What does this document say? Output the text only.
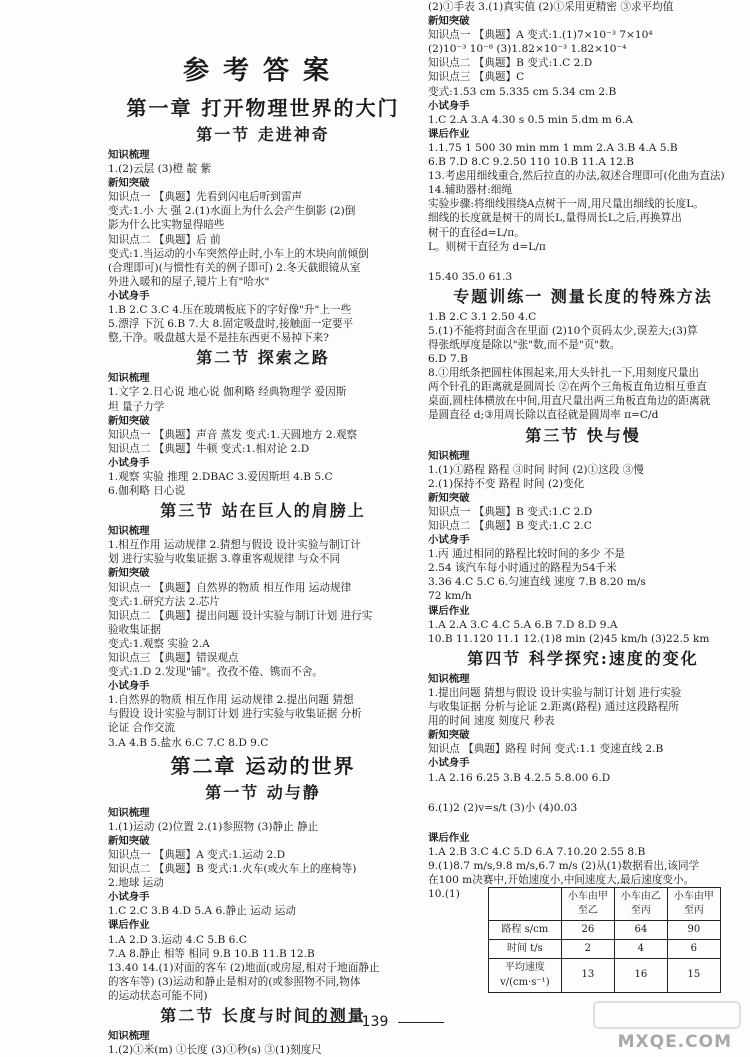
参考答案
第一章 打开物理世界的大门
第一节 走进神奇
知识梳理
1.(2)云层 (3)橙 靛 紫
新知突破
知识点一 【典题】先看到闪电后听到雷声
变式:1.小 大 强 2.(1)水面上为什么会产生倒影 (2)倒
影为什么比实物显得暗些
知识点二 【典题】后 前
变式:1.当运动的小车突然停止时,小车上的木块向前倾倒
(合理即可)(与惯性有关的例子即可) 2.冬天截眼镜从室
外进入暖和的屋子,镜片上有"哈水"
小试身手
1.B 2.C 3.C 4.压在玻璃板底下的字好像"升"上一些
5.漂浮 下沉 6.B 7.大 8.固定吸盘时,接触面一定要平
整,干净。吸盘越大是不是挂东西更不易掉下来?
第二节 探索之路
知识梳理
1.文字 2.日心说 地心说 伽利略 经典物理学 爱因斯
坦 量子力学
新知突破
知识点一 【典题】声音 蒸发 变式:1.天圆地方 2.观察
知识点二 【典题】牛顿 变式:1.相对论 2.D
小试身手
1.观察 实验 推理 2.DBAC 3.爱因斯坦 4.B 5.C
6.伽利略 日心说
第三节 站在巨人的肩膀上
知识梳理
1.相互作用 运动规律 2.猜想与假设 设计实验与制订计
划 进行实验与收集证据 3.尊重客观规律 与众不同
新知突破
知识点一 【典题】自然界的物质 相互作用 运动规律
变式:1.研究方法 2.芯片
知识点二 【典题】提出问题 设计实验与制订计划 进行实
验收集证据
变式:1.观察 实验 2.A
知识点三 【典题】错误观点
变式:1.D 2.发现"铺"。孜孜不倦、镌而不舍。
小试身手
1.自然界的物质 相互作用 运动规律 2.提出问题 猜想
与假设 设计实验与制订计划 进行实验与收集证据 分析
论证 合作交流
3.A 4.B 5.盐水 6.C 7.C 8.D 9.C
第二章 运动的世界
第一节 动与静
知识梳理
1.(1)运动 (2)位置 2.(1)参照物 (3)静止 静止
新知突破
知识点一 【典题】A 变式:1.运动 2.D
知识点二 【典题】B 变式:1.火车(或火车上的座椅等)
2.地球 运动
小试身手
1.C 2.C 3.B 4.D 5.A 6.静止 运动 运动
课后作业
1.A 2.D 3.运动 4.C 5.B 6.C
7.A 8.静止 相等 相同 9.B 10.B 11.B 12.B
13.40 14.(1)对面的客车 (2)地面(或房屋,相对于地面静止
的客车等) (3)运动和静止是相对的(或参照物不同,物体
的运动状态可能不同)
第二节 长度与时间的测量
知识梳理
1.(2)①米(m) ①长度 (3)①秒(s) ③(1)刻度尺
(2)①手表 3.(1)真实值 (2)①采用更精密 ③求平均值
新知突破
知识点一 【典题】A 变式:1.(1)7×10⁻³ 7×10⁴
(2)10⁻³ 10⁻⁸ (3)1.82×10⁻³ 1.82×10⁻⁴
知识点二 【典题】B 变式:1.C 2.D
知识点三 【典题】C
变式:1.53 cm 5.335 cm 5.34 cm 2.B
小试身手
1.C 2.A 3.A 4.30 s 0.5 min 5.dm m 6.A
课后作业
1.1.75 1 500 30 min mm 1 mm 2.A 3.B 4.A 5.B
6.B 7.D 8.C 9.2.50 110 10.B 11.A 12.B
13.考虑用细线重合,然后拉直的办法,叙述合理即可(化曲为直法)
14.辅助器材:细绳
实验步骤:将细线围绕A点树干一周,用尺量出细线的长度L。
细线的长度就是树干的周长L,量得周长L之后,再换算出
树干的直径d=L/π。
L。则树干直径为 d=L/π
15.40 35.0 61.3
专题训练一 测量长度的特殊方法
1.B 2.C 3.1 2.50 4.C
5.(1)不能将封面含在里面 (2)10个页码太少,误差大;(3)算
得张纸厚度是除以"张"数,而不是"页"数。
6.D 7.B
8.①用纸条把圆柱体围起来,用大头针扎一下,用刻度尺量出
两个针孔的距离就是圆周长 ②在两个三角板直角边相互垂直
桌面,圆柱体横放在中间,用直尺量出两三角板直角边的距离就
是圆直径 d;③用周长除以直径就是圆周率 π=C/d
第三节 快与慢
知识梳理
1.(1)①路程 路程 ③时间 时间 (2)①这段 ③慢
2.(1)保持不变 路程 时间 (2)变化
新知突破
知识点一 【典题】B 变式:1.C 2.D
知识点二 【典题】B 变式:1.C 2.C
小试身手
1.丙 通过相同的路程比较时间的多少 不是
2.54 该汽车每小时通过的路程为54千米
3.36 4.C 5.C 6.匀速直线 速度 7.B 8.20 m/s
72 km/h
课后作业
1.A 2.A 3.C 4.C 5.A 6.B 7.D 8.D 9.A
10.B 11.120 11.1 12.(1)8 min (2)45 km/h (3)22.5 km
第四节 科学探究:速度的变化
知识梳理
1.提出问题 猜想与假设 设计实验与制订计划 进行实验
与收集证据 分析与论证 2.距离(路程) 通过这段路程所
用的时间 速度 刻度尺 秒表
新知突破
知识点 【典题】路程 时间 变式:1.1 变速直线 2.B
小试身手
1.A 2.16 6.25 3.B 4.2.5 5.8.00 6.D
6.(1)2 (2)v=s/t (3)小 (4)0.03
课后作业
1.A 2.B 3.C 4.C 5.D 6.A 7.10.20 2.55 8.B
9.(1)8.7 m/s,9.8 m/s,6.7 m/s (2)从(1)数据看出,该同学
在100 m决赛中,开始速度小,中间速度大,最后速度变小。
10.(1)
		小车由甲至乙	小车由乙至丙	小车由甲至丙
路程 s/cm	26	64	90
时间 t/s	2	4	6
平均速度 v/(cm·s⁻¹)	13	16	15
139
MXQE.COM
